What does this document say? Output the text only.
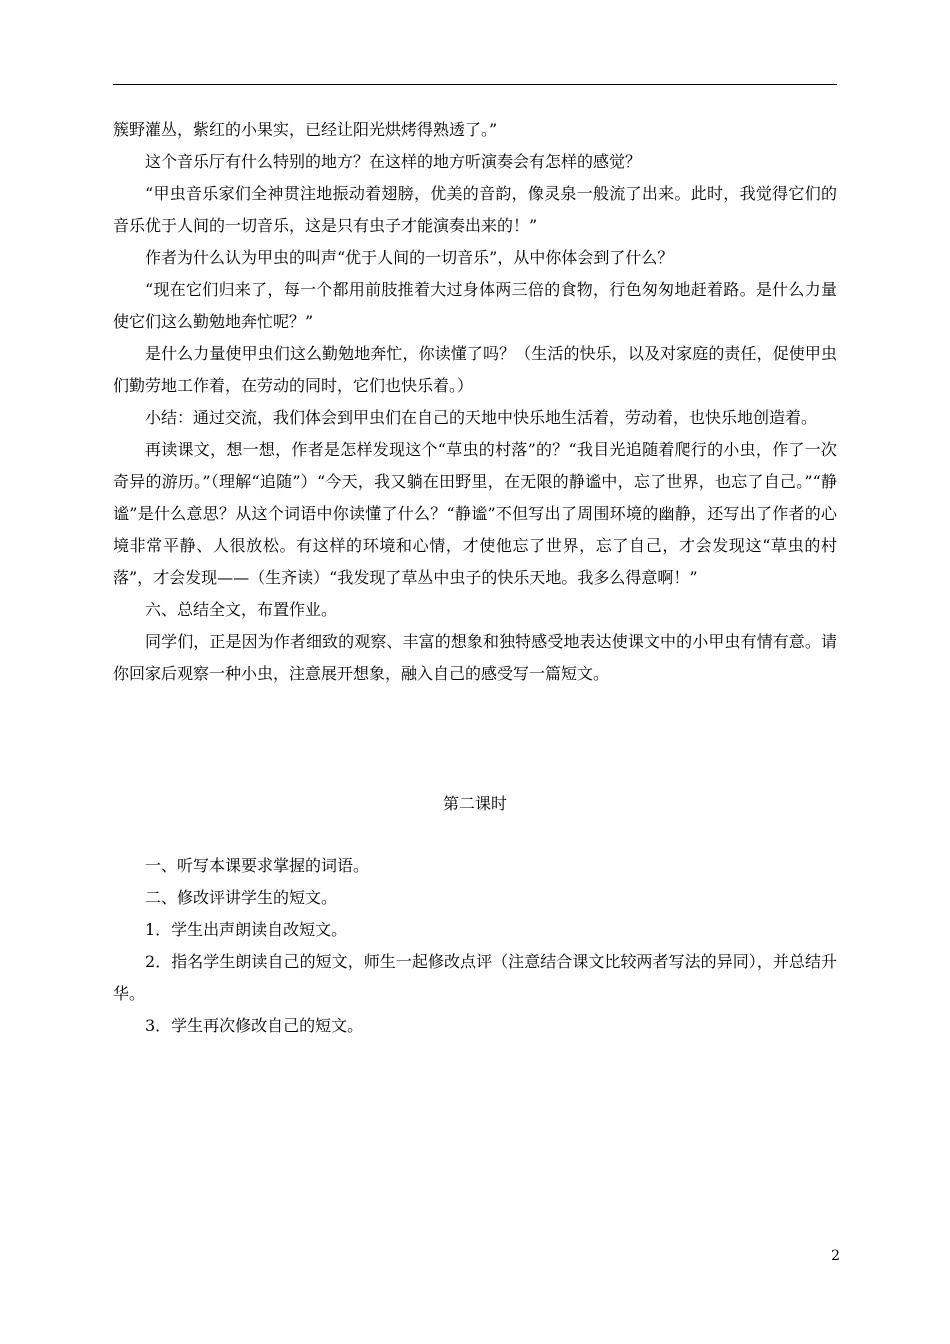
簇野灌丛，紫红的小果实，已经让阳光烘烤得熟透了。”

这个音乐厅有什么特别的地方？在这样的地方听演奏会有怎样的感觉？

“甲虫音乐家们全神贯注地振动着翅膀，优美的音韵，像灵泉一般流了出来。此时，我觉得它们的音乐优于人间的一切音乐，这是只有虫子才能演奏出来的！”

作者为什么认为甲虫的叫声“优于人间的一切音乐”，从中你体会到了什么？

“现在它们归来了，每一个都用前肢推着大过身体两三倍的食物，行色匆匆地赶着路。是什么力量使它们这么勤勉地奔忙呢？”

是什么力量使甲虫们这么勤勉地奔忙，你读懂了吗？（生活的快乐，以及对家庭的责任，促使甲虫们勤劳地工作着，在劳动的同时，它们也快乐着。）

小结：通过交流，我们体会到甲虫们在自己的天地中快乐地生活着，劳动着，也快乐地创造着。

再读课文，想一想，作者是怎样发现这个“草虫的村落”的？“我目光追随着爬行的小虫，作了一次奇异的游历。”（理解“追随”）“今天，我又躺在田野里，在无限的静谧中，忘了世界，也忘了自己。”“静谧”是什么意思？从这个词语中你读懂了什么？“静谧”不但写出了周围环境的幽静，还写出了作者的心境非常平静、人很放松。有这样的环境和心情，才使他忘了世界，忘了自己，才会发现这“草虫的村落”，才会发现——（生齐读）“我发现了草丛中虫子的快乐天地。我多么得意啊！”

六、总结全文，布置作业。

同学们，正是因为作者细致的观察、丰富的想象和独特感受地表达使课文中的小甲虫有情有意。请你回家后观察一种小虫，注意展开想象，融入自己的感受写一篇短文。

第二课时

一、听写本课要求掌握的词语。

二、修改评讲学生的短文。

1．学生出声朗读自改短文。

2．指名学生朗读自己的短文，师生一起修改点评（注意结合课文比较两者写法的异同），并总结升华。

3．学生再次修改自己的短文。

2
